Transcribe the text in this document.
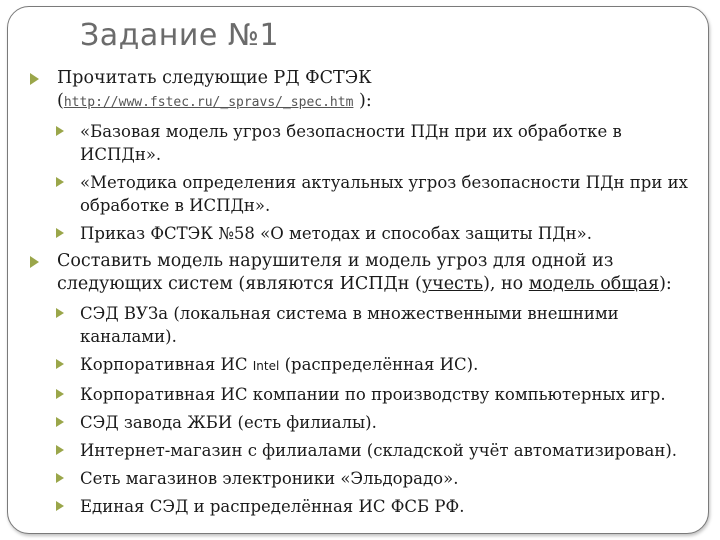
Задание №1
Прочитать следующие РД ФСТЭК
(http://www.fstec.ru/_spravs/_spec.htm ):
«Базовая модель угроз безопасности ПДн при их обработке в ИСПДн».
«Методика определения актуальных угроз безопасности ПДн при их обработке в ИСПДн».
Приказ ФСТЭК №58 «О методах и способах защиты ПДн».
Составить модель нарушителя и модель угроз для одной из следующих систем (являются ИСПДн (учесть), но модель общая):
СЭД ВУЗа (локальная система в множественными внешними каналами).
Корпоративная ИС Intel (распределённая ИС).
Корпоративная ИС компании по производству компьютерных игр.
СЭД завода ЖБИ (есть филиалы).
Интернет-магазин с филиалами (складской учёт автоматизирован).
Сеть магазинов электроники «Эльдорадо».
Единая СЭД и распределённая ИС ФСБ РФ.
